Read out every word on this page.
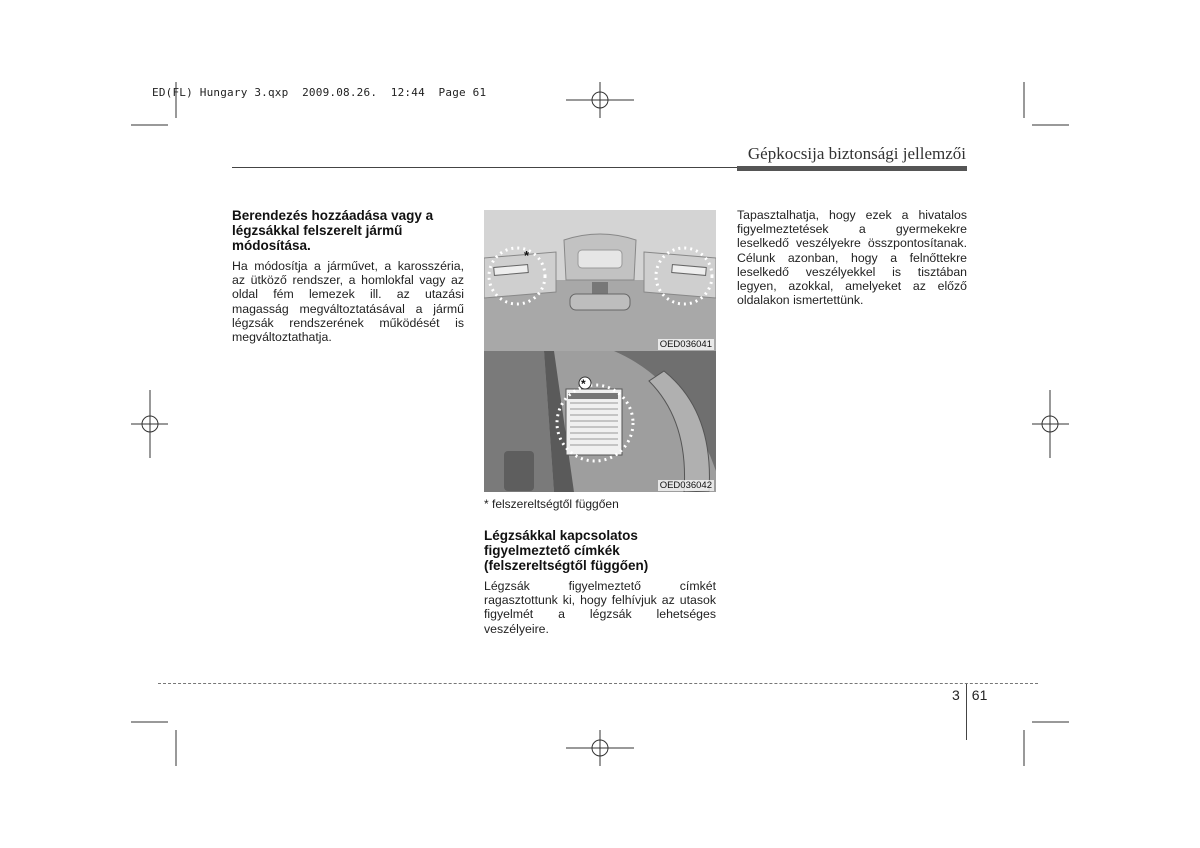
ED(FL) Hungary 3.qxp  2009.08.26.  12:44  Page 61
Gépkocsija biztonsági jellemzői
Berendezés hozzáadása vagy a légzsákkal felszerelt jármű módosítása.

Ha módosítja a járművet, a karosszéria, az ütköző rendszer, a homlokfal vagy az oldal fém lemezek ill. az utazási magasság megváltoztatásával a jármű légzsák rendszerének működését is megváltoztathatja.

*
OED036041
*
OED036042
* felszereltségtől függően
Légzsákkal kapcsolatos figyelmeztető címkék (felszereltségtől függően)

Légzsák figyelmeztető címkét ragasztottunk ki, hogy felhívjuk az utasok figyelmét a légzsák lehetséges veszélyeire.

Tapasztalhatja, hogy ezek a hivatalos figyelmeztetések a gyermekekre leselkedő veszélyekre összpontosítanak. Célunk azonban, hogy a felnőttekre leselkedő veszélyekkel is tisztában legyen, azokkal, amelyeket az előző oldalakon ismertettünk.

3 61
